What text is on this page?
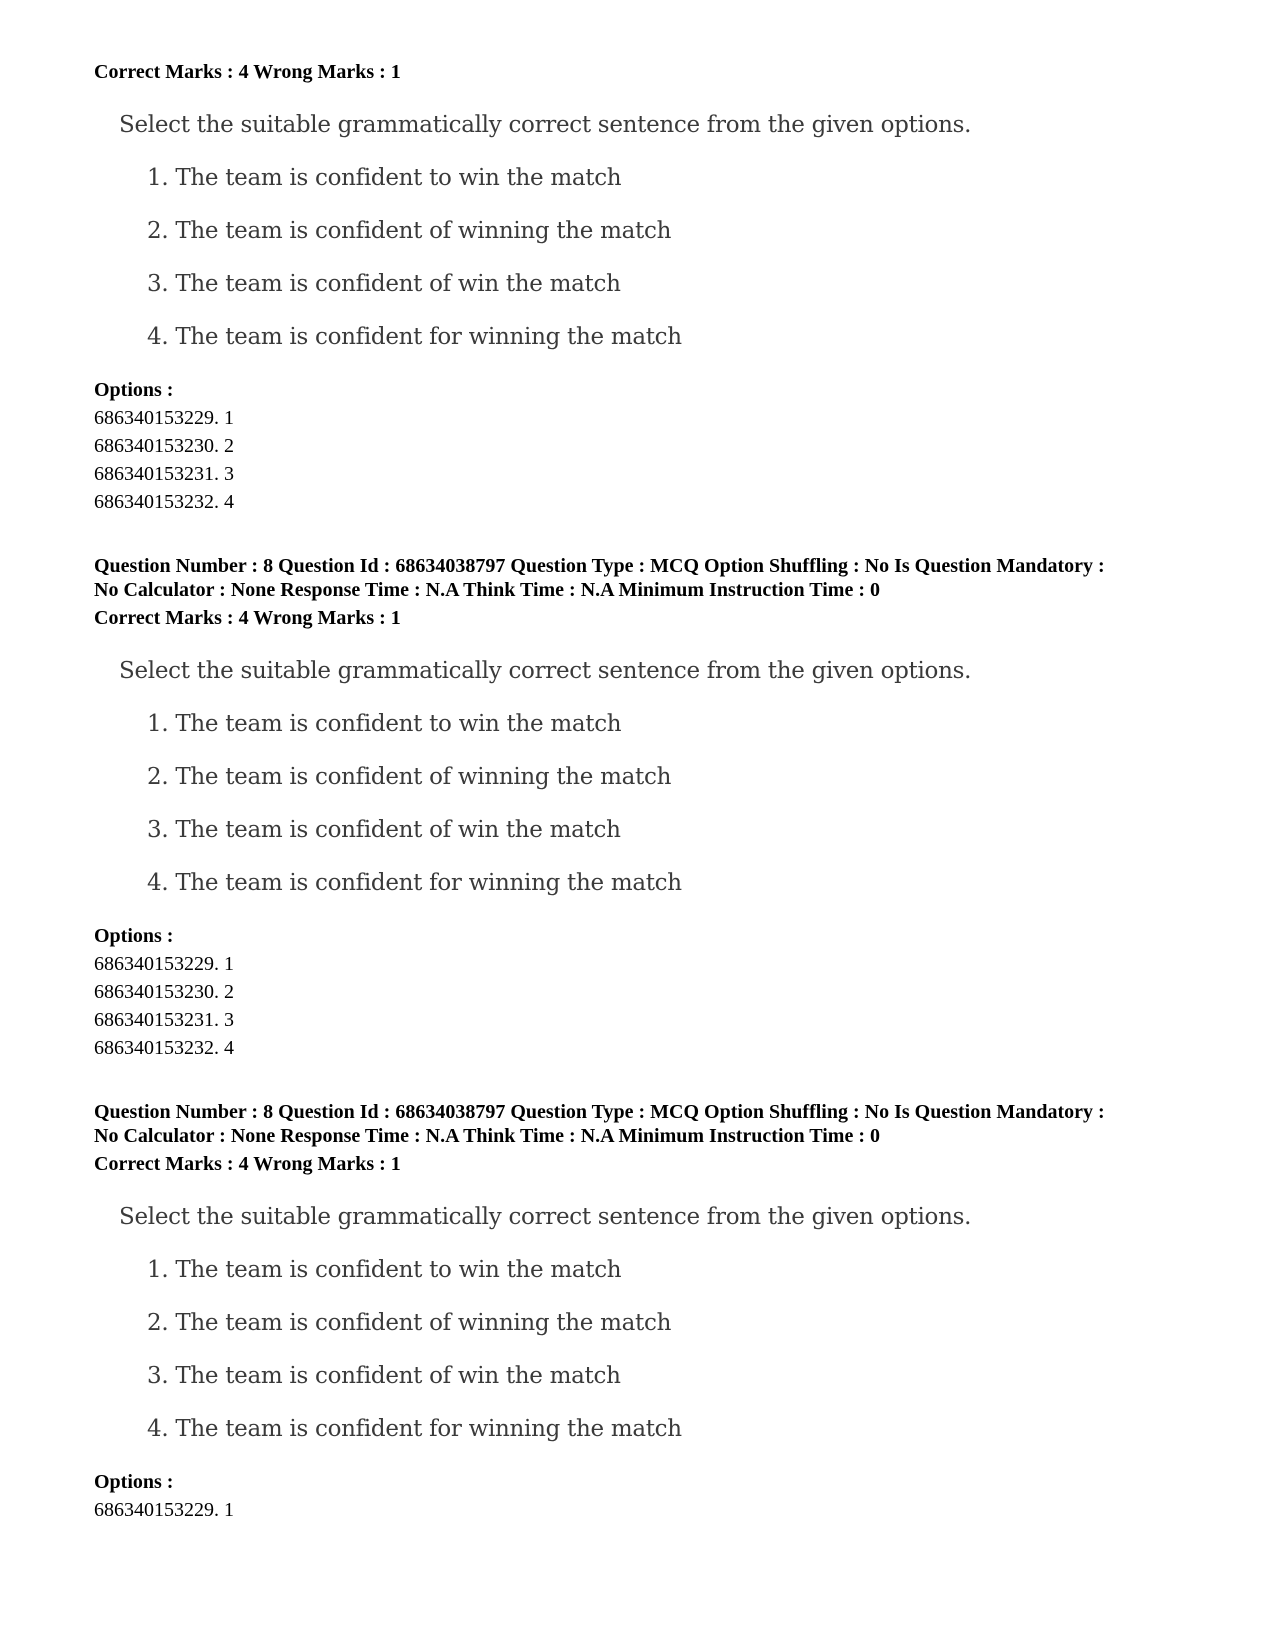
Correct Marks : 4 Wrong Marks : 1
Select the suitable grammatically correct sentence from the given options.
1. The team is confident to win the match
2. The team is confident of winning the match
3. The team is confident of win the match
4. The team is confident for winning the match
Options :
686340153229. 1
686340153230. 2
686340153231. 3
686340153232. 4
Question Number : 8 Question Id : 68634038797 Question Type : MCQ Option Shuffling : No Is Question Mandatory :
No Calculator : None Response Time : N.A Think Time : N.A Minimum Instruction Time : 0
Correct Marks : 4 Wrong Marks : 1
Select the suitable grammatically correct sentence from the given options.
1. The team is confident to win the match
2. The team is confident of winning the match
3. The team is confident of win the match
4. The team is confident for winning the match
Options :
686340153229. 1
686340153230. 2
686340153231. 3
686340153232. 4
Question Number : 8 Question Id : 68634038797 Question Type : MCQ Option Shuffling : No Is Question Mandatory :
No Calculator : None Response Time : N.A Think Time : N.A Minimum Instruction Time : 0
Correct Marks : 4 Wrong Marks : 1
Select the suitable grammatically correct sentence from the given options.
1. The team is confident to win the match
2. The team is confident of winning the match
3. The team is confident of win the match
4. The team is confident for winning the match
Options :
686340153229. 1
